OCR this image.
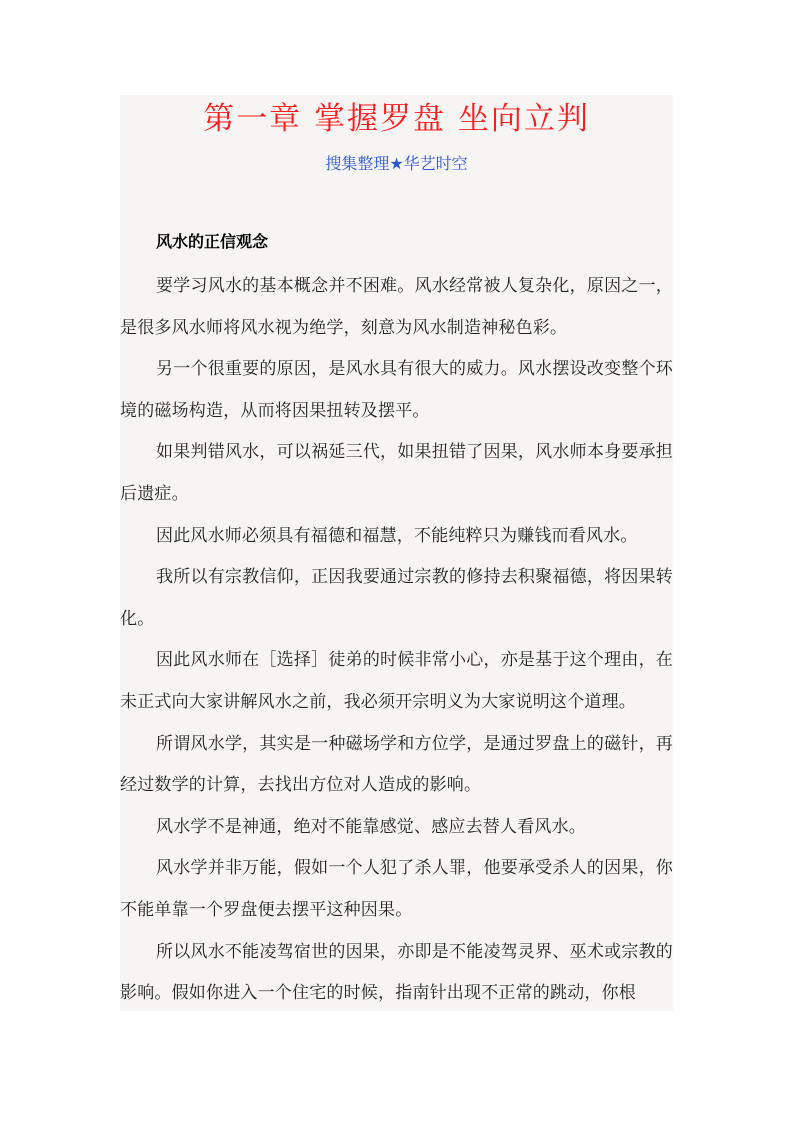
第一章 掌握罗盘 坐向立判
搜集整理★华艺时空
风水的正信观念

要学习风水的基本概念并不困难。风水经常被人复杂化，原因之一，是很多风水师将风水视为绝学，刻意为风水制造神秘色彩。

另一个很重要的原因，是风水具有很大的威力。风水摆设改变整个环境的磁场构造，从而将因果扭转及摆平。

如果判错风水，可以祸延三代，如果扭错了因果，风水师本身要承担后遗症。

因此风水师必须具有福德和福慧，不能纯粹只为赚钱而看风水。

我所以有宗教信仰，正因我要通过宗教的修持去积聚福德，将因果转化。

因此风水师在［选择］徒弟的时候非常小心，亦是基于这个理由，在未正式向大家讲解风水之前，我必须开宗明义为大家说明这个道理。

所谓风水学，其实是一种磁场学和方位学，是通过罗盘上的磁针，再经过数学的计算，去找出方位对人造成的影响。

风水学不是神通，绝对不能靠感觉、感应去替人看风水。

风水学并非万能，假如一个人犯了杀人罪，他要承受杀人的因果，你不能单靠一个罗盘便去摆平这种因果。

所以风水不能凌驾宿世的因果，亦即是不能凌驾灵界、巫术或宗教的影响。假如你进入一个住宅的时候，指南针出现不正常的跳动，你根
